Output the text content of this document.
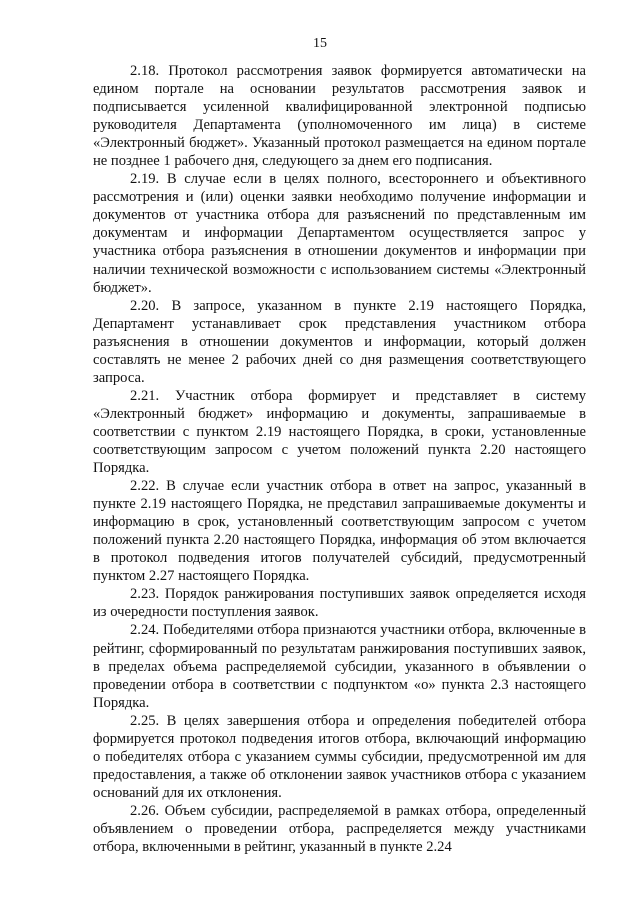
15

2.18. Протокол рассмотрения заявок формируется автоматически на едином портале на основании результатов рассмотрения заявок и подписывается усиленной квалифицированной электронной подписью руководителя Департамента (уполномоченного им лица) в системе «Электронный бюджет». Указанный протокол размещается на едином портале не позднее 1 рабочего дня, следующего за днем его подписания.

2.19. В случае если в целях полного, всестороннего и объективного рассмотрения и (или) оценки заявки необходимо получение информации и документов от участника отбора для разъяснений по представленным им документам и информации Департаментом осуществляется запрос у участника отбора разъяснения в отношении документов и информации при наличии технической возможности с использованием системы «Электронный бюджет».

2.20. В запросе, указанном в пункте 2.19 настоящего Порядка, Департамент устанавливает срок представления участником отбора разъяснения в отношении документов и информации, который должен составлять не менее 2 рабочих дней со дня размещения соответствующего запроса.

2.21. Участник отбора формирует и представляет в систему «Электронный бюджет» информацию и документы, запрашиваемые в соответствии с пунктом 2.19 настоящего Порядка, в сроки, установленные соответствующим запросом с учетом положений пункта 2.20 настоящего Порядка.

2.22. В случае если участник отбора в ответ на запрос, указанный в пункте 2.19 настоящего Порядка, не представил запрашиваемые документы и информацию в срок, установленный соответствующим запросом с учетом положений пункта 2.20 настоящего Порядка, информация об этом включается в протокол подведения итогов получателей субсидий, предусмотренный пунктом 2.27 настоящего Порядка.

2.23. Порядок ранжирования поступивших заявок определяется исходя из очередности поступления заявок.

2.24. Победителями отбора признаются участники отбора, включенные в рейтинг, сформированный по результатам ранжирования поступивших заявок, в пределах объема распределяемой субсидии, указанного в объявлении о проведении отбора в соответствии с подпунктом «о» пункта 2.3 настоящего Порядка.

2.25. В целях завершения отбора и определения победителей отбора формируется протокол подведения итогов отбора, включающий информацию о победителях отбора с указанием суммы субсидии, предусмотренной им для предоставления, а также об отклонении заявок участников отбора с указанием оснований для их отклонения.

2.26. Объем субсидии, распределяемой в рамках отбора, определенный объявлением о проведении отбора, распределяется между участниками отбора, включенными в рейтинг, указанный в пункте 2.24
